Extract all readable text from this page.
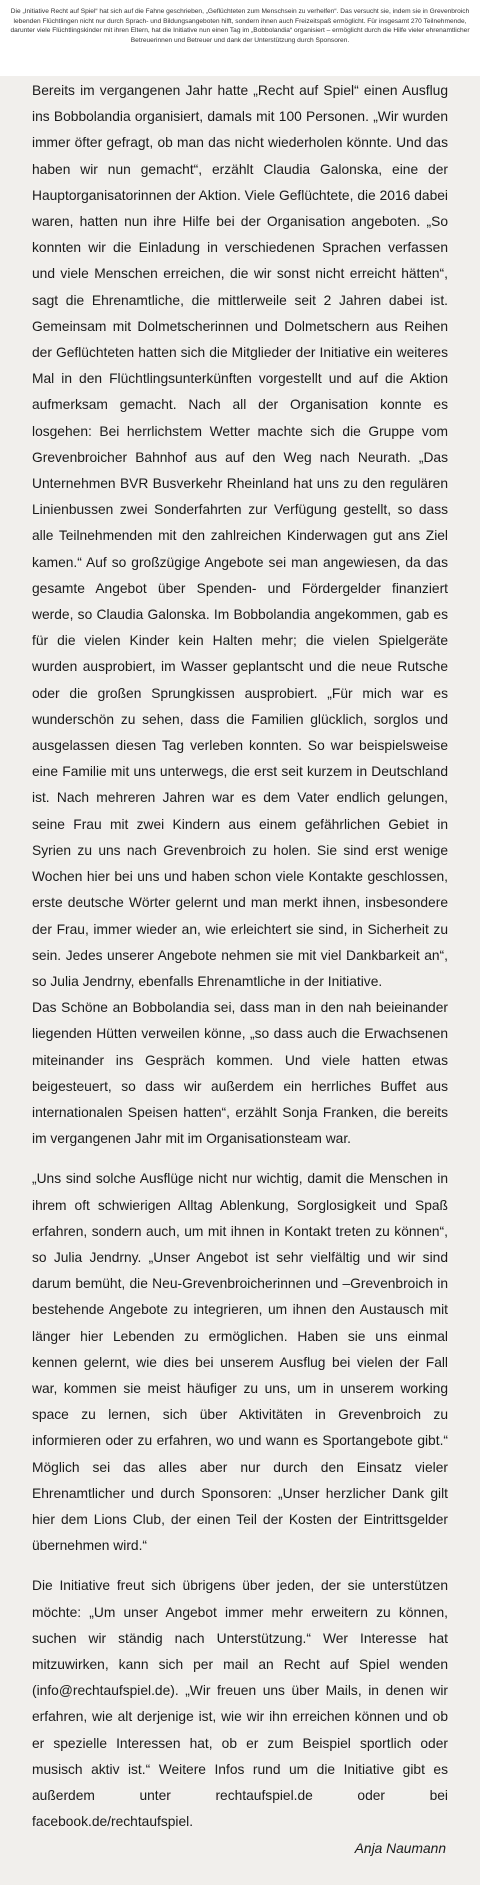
Die „Initiative Recht auf Spiel“ hat sich auf die Fahne geschrieben, „Geflüchteten zum Menschsein zu verhelfen“. Das versucht sie, indem sie in Grevenbroich lebenden Flüchtlingen nicht nur durch Sprach- und Bildungsangeboten hilft, sondern ihnen auch Freizeitspaß ermöglicht. Für insgesamt 270 Teilnehmende, darunter viele Flüchtlingskinder mit ihren Eltern, hat die Initiative nun einen Tag im „Bobbolandia“ organisiert – ermöglicht durch die Hilfe vieler ehrenamtlicher Betreuerinnen und Betreuer und dank der Unterstützung durch Sponsoren.

Bereits im vergangenen Jahr hatte „Recht auf Spiel“ einen Ausflug ins Bobbolandia organisiert, damals mit 100 Personen. „Wir wurden immer öfter gefragt, ob man das nicht wiederholen könnte. Und das haben wir nun gemacht“, erzählt Claudia Galonska, eine der Hauptorganisatorinnen der Aktion. Viele Geflüchtete, die 2016 dabei waren, hatten nun ihre Hilfe bei der Organisation angeboten. „So konnten wir die Einladung in verschiedenen Sprachen verfassen und viele Menschen erreichen, die wir sonst nicht erreicht hätten“, sagt die Ehrenamtliche, die mittlerweile seit 2 Jahren dabei ist. Gemeinsam mit Dolmetscherinnen und Dolmetschern aus Reihen der Geflüchteten hatten sich die Mitglieder der Initiative ein weiteres Mal in den Flüchtlingsunterkünften vorgestellt und auf die Aktion aufmerksam gemacht. Nach all der Organisation konnte es losgehen: Bei herrlichstem Wetter machte sich die Gruppe vom Grevenbroicher Bahnhof aus auf den Weg nach Neurath. „Das Unternehmen BVR Busverkehr Rheinland hat uns zu den regulären Linienbussen zwei Sonderfahrten zur Verfügung gestellt, so dass alle Teilnehmenden mit den zahlreichen Kinderwagen gut ans Ziel kamen.“ Auf so großzügige Angebote sei man angewiesen, da das gesamte Angebot über Spenden- und Fördergelder finanziert werde, so Claudia Galonska. Im Bobbolandia angekommen, gab es für die vielen Kinder kein Halten mehr; die vielen Spielgeräte wurden ausprobiert, im Wasser geplantscht und die neue Rutsche oder die großen Sprungkissen ausprobiert. „Für mich war es wunderschön zu sehen, dass die Familien glücklich, sorglos und ausgelassen diesen Tag verleben konnten. So war beispielsweise eine Familie mit uns unterwegs, die erst seit kurzem in Deutschland ist. Nach mehreren Jahren war es dem Vater endlich gelungen, seine Frau mit zwei Kindern aus einem gefährlichen Gebiet in Syrien zu uns nach Grevenbroich zu holen. Sie sind erst wenige Wochen hier bei uns und haben schon viele Kontakte geschlossen, erste deutsche Wörter gelernt und man merkt ihnen, insbesondere der Frau, immer wieder an, wie erleichtert sie sind, in Sicherheit zu sein. Jedes unserer Angebote nehmen sie mit viel Dankbarkeit an“, so Julia Jendrny, ebenfalls Ehrenamtliche in der Initiative.

Das Schöne an Bobbolandia sei, dass man in den nah beieinander liegenden Hütten verweilen könne, „so dass auch die Erwachsenen miteinander ins Gespräch kommen. Und viele hatten etwas beigesteuert, so dass wir außerdem ein herrliches Buffet aus internationalen Speisen hatten“, erzählt Sonja Franken, die bereits im vergangenen Jahr mit im Organisationsteam war.

„Uns sind solche Ausflüge nicht nur wichtig, damit die Menschen in ihrem oft schwierigen Alltag Ablenkung, Sorglosigkeit und Spaß erfahren, sondern auch, um mit ihnen in Kontakt treten zu können“, so Julia Jendrny. „Unser Angebot ist sehr vielfältig und wir sind darum bemüht, die Neu-Grevenbroicherinnen und –Grevenbroich in bestehende Angebote zu integrieren, um ihnen den Austausch mit länger hier Lebenden zu ermöglichen. Haben sie uns einmal kennen gelernt, wie dies bei unserem Ausflug bei vielen der Fall war, kommen sie meist häufiger zu uns, um in unserem working space zu lernen, sich über Aktivitäten in Grevenbroich zu informieren oder zu erfahren, wo und wann es Sportangebote gibt.“ Möglich sei das alles aber nur durch den Einsatz vieler Ehrenamtlicher und durch Sponsoren: „Unser herzlicher Dank gilt hier dem Lions Club, der einen Teil der Kosten der Eintrittsgelder übernehmen wird.“

Die Initiative freut sich übrigens über jeden, der sie unterstützen möchte: „Um unser Angebot immer mehr erweitern zu können, suchen wir ständig nach Unterstützung.“ Wer Interesse hat mitzuwirken, kann sich per mail an Recht auf Spiel wenden (info@rechtaufspiel.de). „Wir freuen uns über Mails, in denen wir erfahren, wie alt derjenige ist, wie wir ihn erreichen können und ob er spezielle Interessen hat, ob er zum Beispiel sportlich oder musisch aktiv ist.“ Weitere Infos rund um die Initiative gibt es außerdem unter rechtaufspiel.de oder bei facebook.de/rechtaufspiel.

Anja Naumann
